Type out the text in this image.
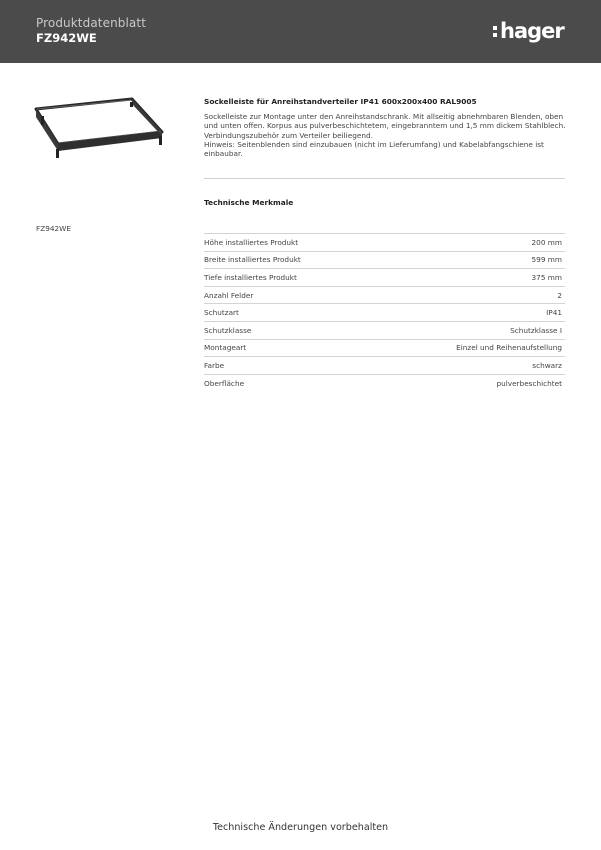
Produktdatenblatt
FZ942WE	hager

Sockelleiste für Anreihstandverteiler IP41 600x200x400 RAL9005

Sockelleiste zur Montage unter den Anreihstandschrank. Mit allseitig abnehmbaren Blenden, oben und unten offen. Korpus aus pulverbeschichtetem, eingebranntem und 1,5 mm dickem Stahlblech. Verbindungszubehör zum Verteiler beiliegend.
Hinweis: Seitenblenden sind einzubauen (nicht im Lieferumfang) und Kabelabfangschiene ist einbaubar.

Technische Merkmale
FZ942WE
Höhe installiertes Produkt	200 mm
Breite installiertes Produkt	599 mm
Tiefe installiertes Produkt	375 mm
Anzahl Felder	2
Schutzart	IP41
Schutzklasse	Schutzklasse I
Montageart	Einzel und Reihenaufstellung
Farbe	schwarz
Oberfläche	pulverbeschichtet
Technische Änderungen vorbehalten
